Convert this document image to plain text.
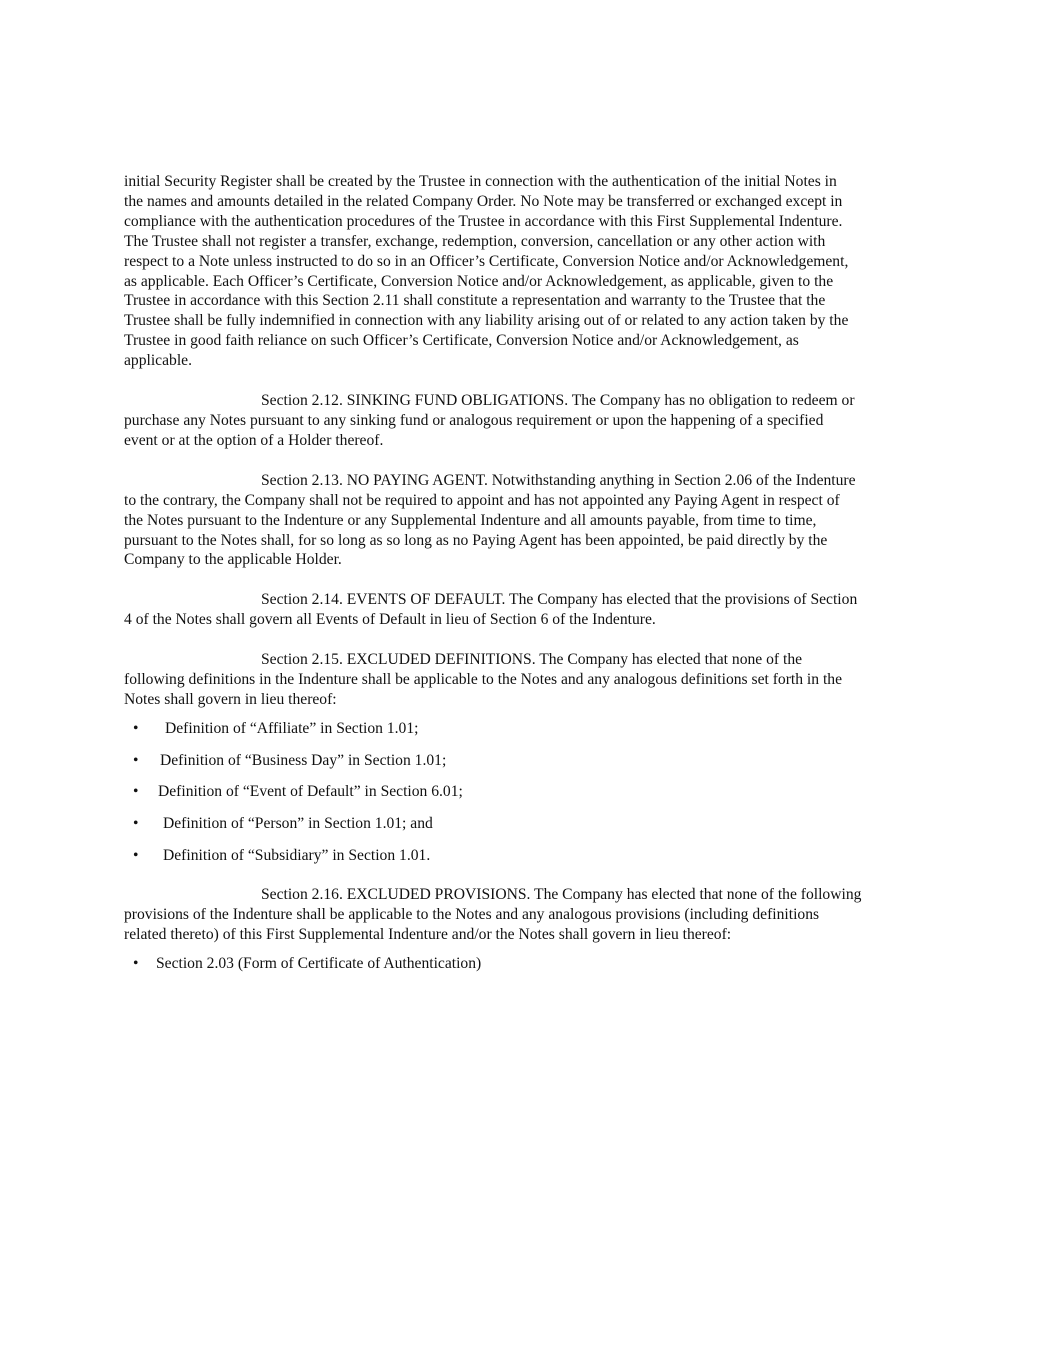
initial Security Register shall be created by the Trustee in connection with the authentication of the initial Notes in
the names and amounts detailed in the related Company Order. No Note may be transferred or exchanged except in
compliance with the authentication procedures of the Trustee in accordance with this First Supplemental Indenture.
The Trustee shall not register a transfer, exchange, redemption, conversion, cancellation or any other action with
respect to a Note unless instructed to do so in an Officer’s Certificate, Conversion Notice and/or Acknowledgement,
as applicable. Each Officer’s Certificate, Conversion Notice and/or Acknowledgement, as applicable, given to the
Trustee in accordance with this Section 2.11 shall constitute a representation and warranty to the Trustee that the
Trustee shall be fully indemnified in connection with any liability arising out of or related to any action taken by the
Trustee in good faith reliance on such Officer’s Certificate, Conversion Notice and/or Acknowledgement, as
applicable.
Section 2.12. SINKING FUND OBLIGATIONS. The Company has no obligation to redeem or
purchase any Notes pursuant to any sinking fund or analogous requirement or upon the happening of a specified
event or at the option of a Holder thereof.
Section 2.13. NO PAYING AGENT. Notwithstanding anything in Section 2.06 of the Indenture
to the contrary, the Company shall not be required to appoint and has not appointed any Paying Agent in respect of
the Notes pursuant to the Indenture or any Supplemental Indenture and all amounts payable, from time to time,
pursuant to the Notes shall, for so long as so long as no Paying Agent has been appointed, be paid directly by the
Company to the applicable Holder.
Section 2.14. EVENTS OF DEFAULT. The Company has elected that the provisions of Section
4 of the Notes shall govern all Events of Default in lieu of Section 6 of the Indenture.
Section 2.15. EXCLUDED DEFINITIONS. The Company has elected that none of the
following definitions in the Indenture shall be applicable to the Notes and any analogous definitions set forth in the
Notes shall govern in lieu thereof:
• Definition of “Affiliate” in Section 1.01;
• Definition of “Business Day” in Section 1.01;
• Definition of “Event of Default” in Section 6.01;
• Definition of “Person” in Section 1.01; and
• Definition of “Subsidiary” in Section 1.01.
Section 2.16. EXCLUDED PROVISIONS. The Company has elected that none of the following
provisions of the Indenture shall be applicable to the Notes and any analogous provisions (including definitions
related thereto) of this First Supplemental Indenture and/or the Notes shall govern in lieu thereof:
• Section 2.03 (Form of Certificate of Authentication)
